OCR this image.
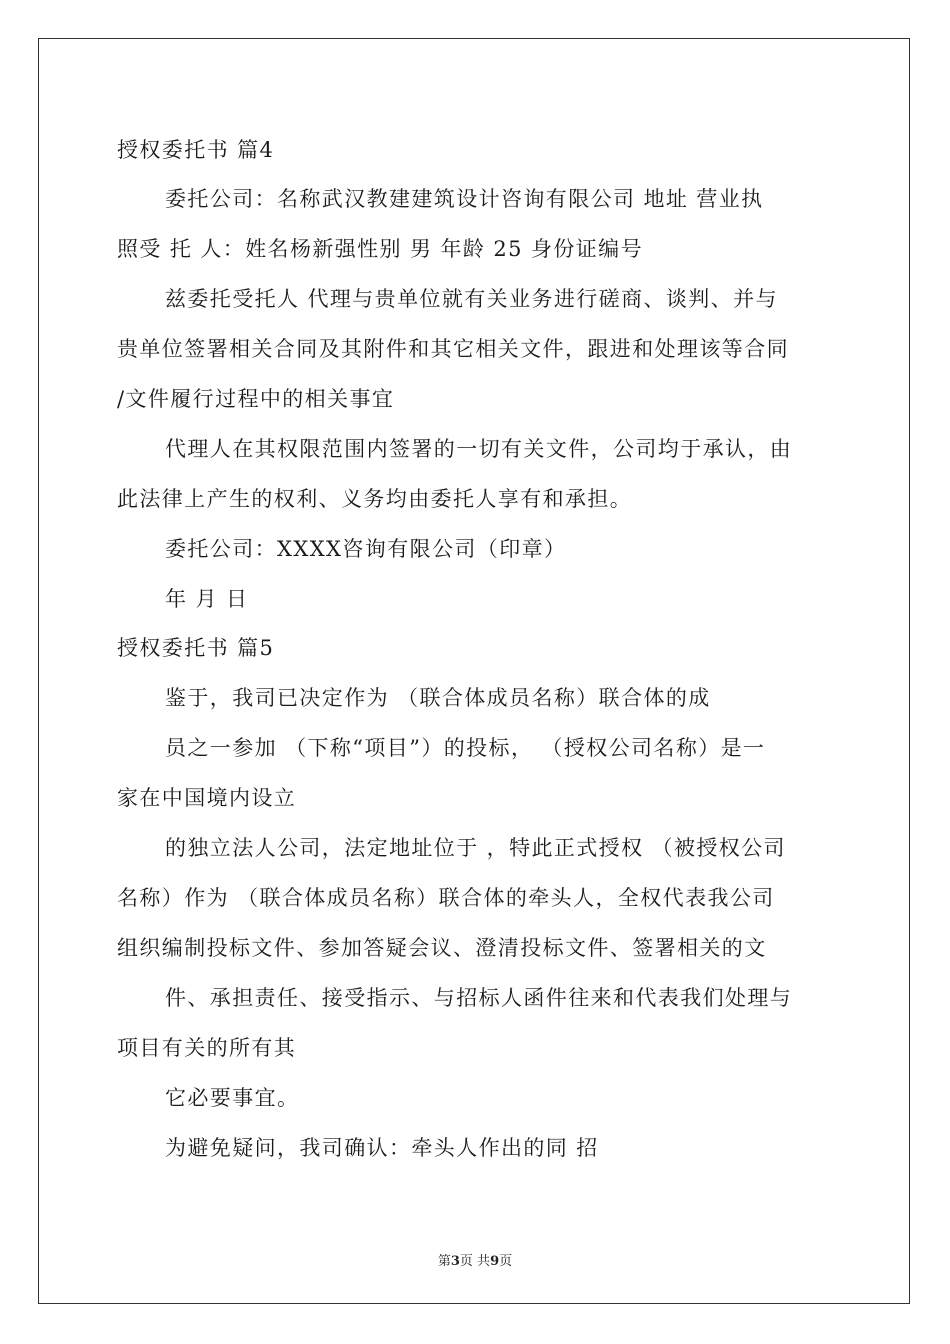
授权委托书 篇4
委托公司：名称武汉教建建筑设计咨询有限公司 地址 营业执
照受 托 人：姓名杨新强性别 男 年龄 25 身份证编号
兹委托受托人 代理与贵单位就有关业务进行磋商、谈判、并与
贵单位签署相关合同及其附件和其它相关文件，跟进和处理该等合同
/文件履行过程中的相关事宜
代理人在其权限范围内签署的一切有关文件，公司均于承认，由
此法律上产生的权利、义务均由委托人享有和承担。
委托公司：XXXX咨询有限公司（印章）
年 月 日
授权委托书 篇5
鉴于，我司已决定作为 （联合体成员名称）联合体的成
员之一参加 （下称“项目”）的投标， （授权公司名称）是一
家在中国境内设立
的独立法人公司，法定地址位于 ，特此正式授权 （被授权公司
名称）作为 （联合体成员名称）联合体的牵头人，全权代表我公司
组织编制投标文件、参加答疑会议、澄清投标文件、签署相关的文
件、承担责任、接受指示、与招标人函件往来和代表我们处理与
项目有关的所有其
它必要事宜。
为避免疑问，我司确认：牵头人作出的同 招
第3页 共9页
